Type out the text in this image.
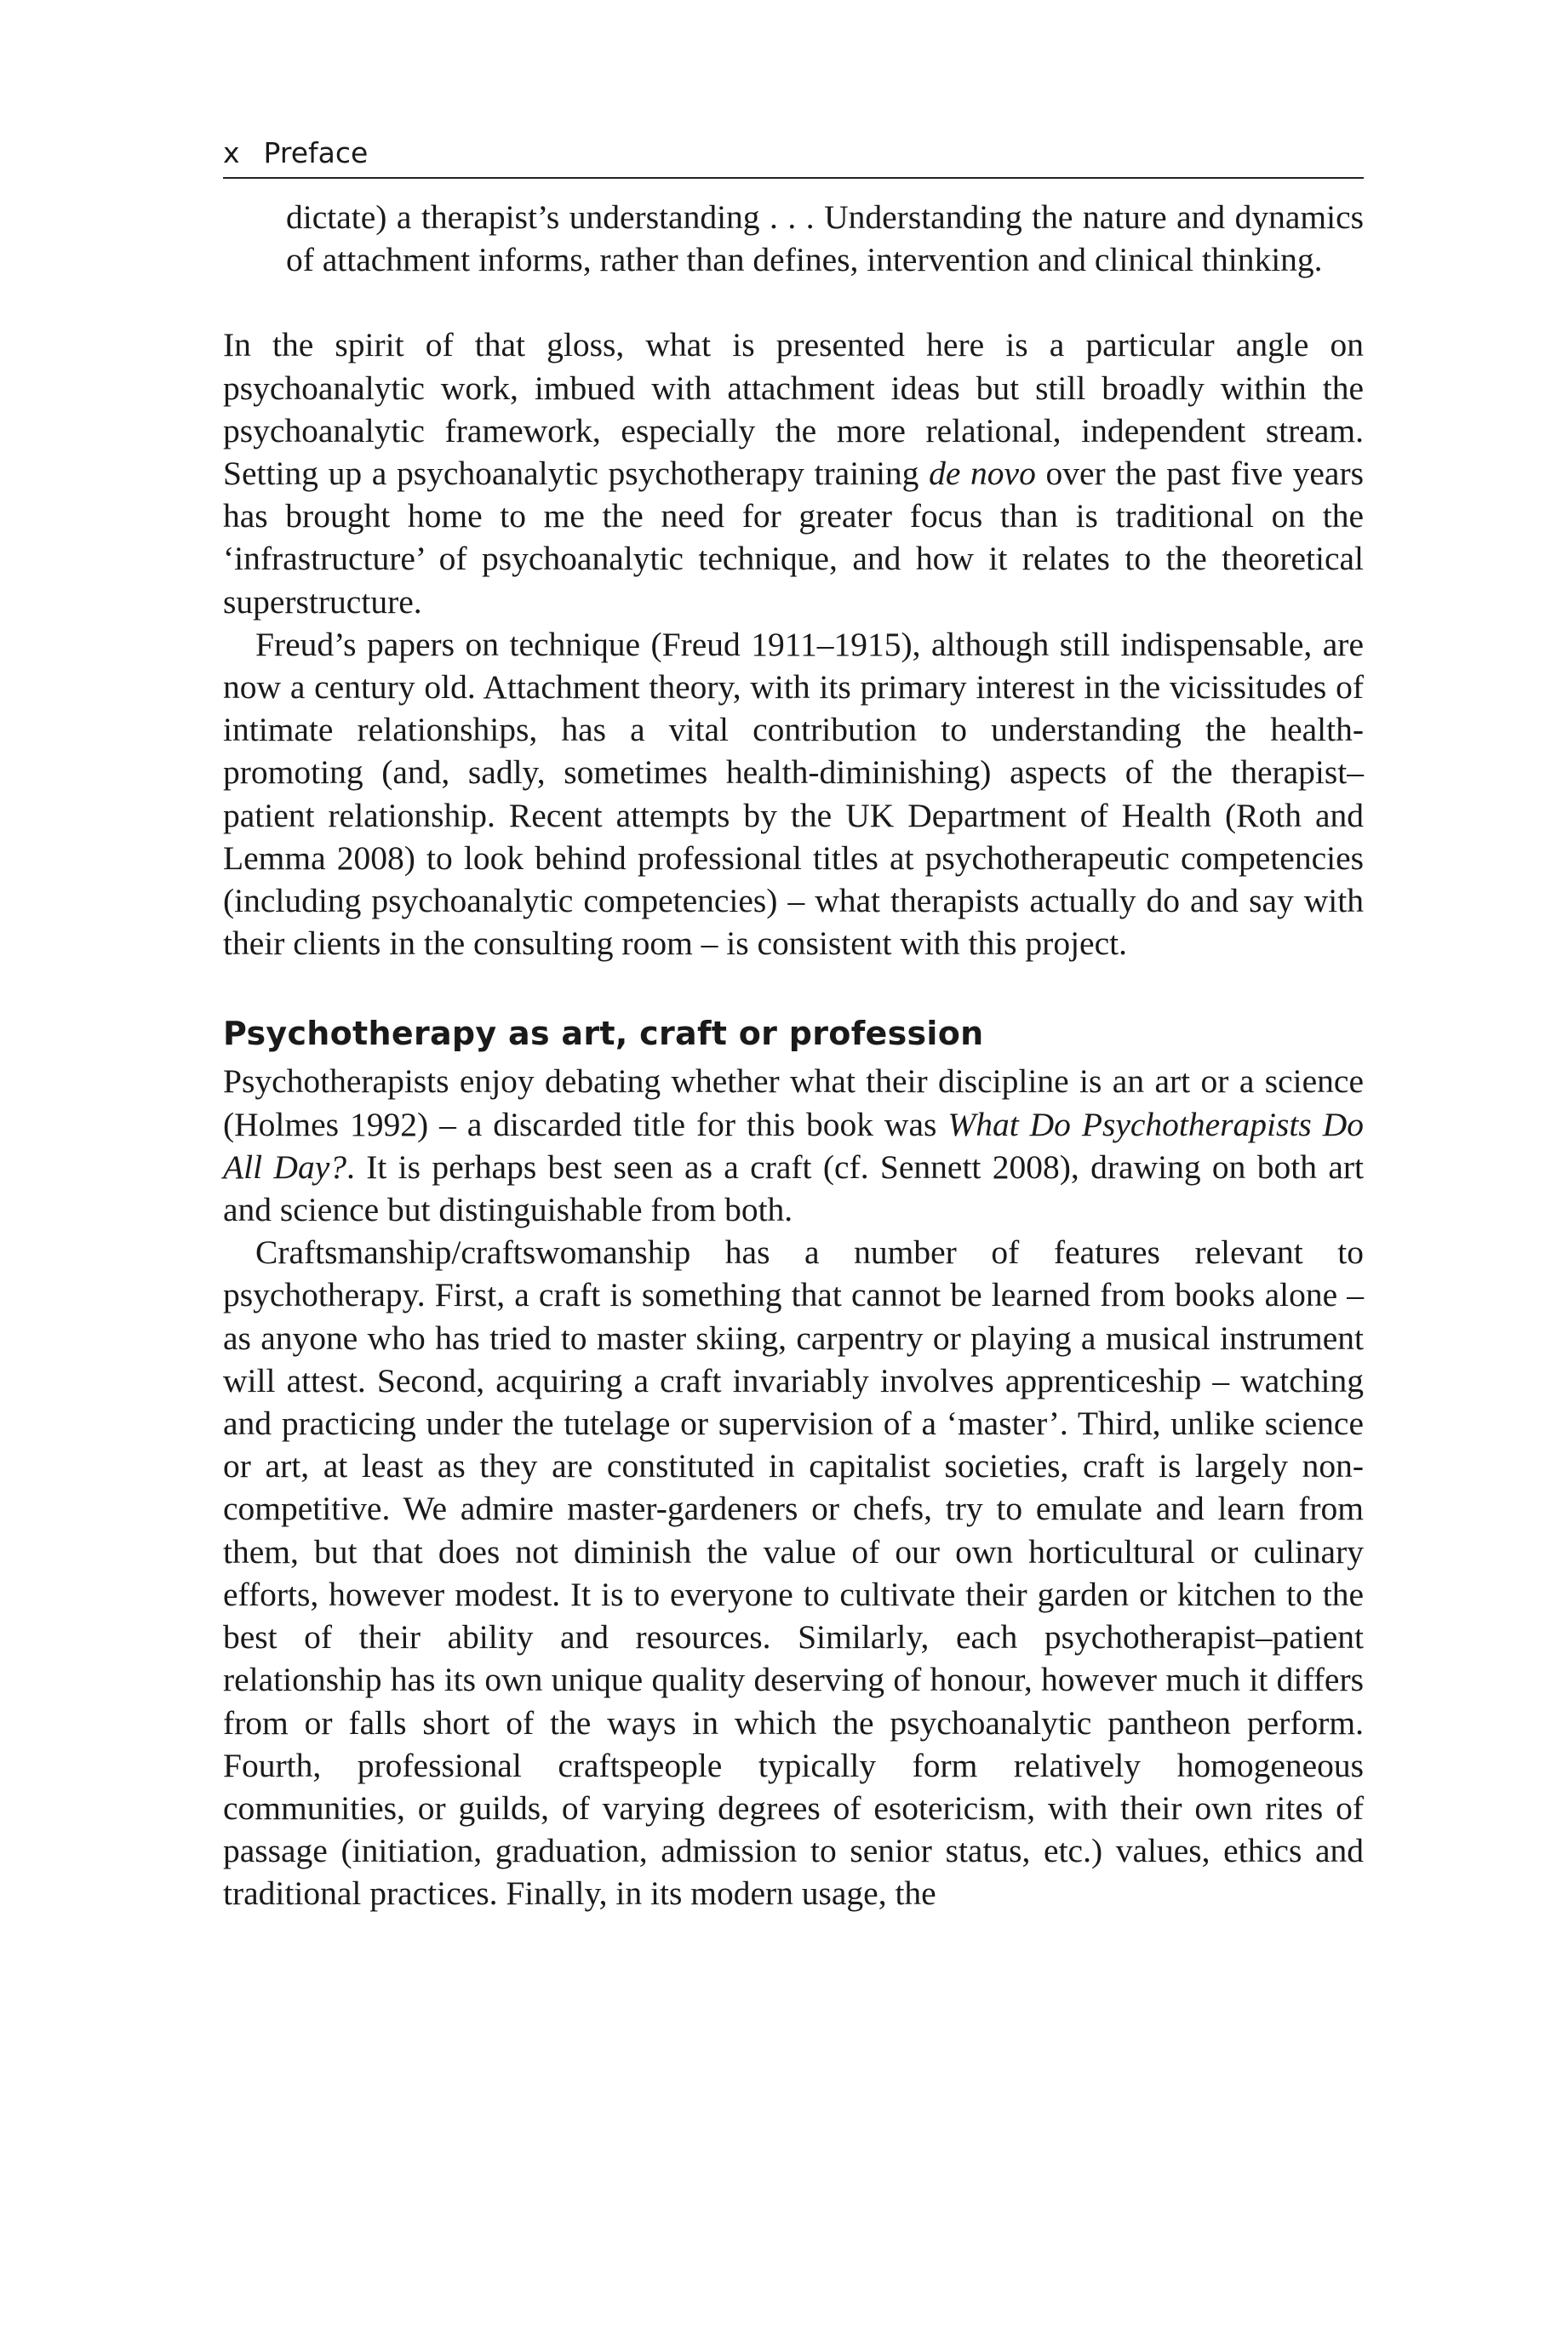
x Preface

dictate) a therapist’s understanding . . . Understanding the nature and dynamics of attachment informs, rather than defines, intervention and clinical thinking.

In the spirit of that gloss, what is presented here is a particular angle on psychoanalytic work, imbued with attachment ideas but still broadly within the psychoanalytic framework, especially the more relational, independent stream. Setting up a psychoanalytic psychotherapy training de novo over the past five years has brought home to me the need for greater focus than is traditional on the ‘infrastructure’ of psychoanalytic technique, and how it relates to the theoretical superstructure.

Freud’s papers on technique (Freud 1911–1915), although still indispensable, are now a century old. Attachment theory, with its primary interest in the vicissitudes of intimate relationships, has a vital contribution to understanding the health-promoting (and, sadly, sometimes health-diminishing) aspects of the therapist–patient relationship. Recent attempts by the UK Department of Health (Roth and Lemma 2008) to look behind professional titles at psychotherapeutic competencies (including psychoanalytic competencies) – what therapists actually do and say with their clients in the consulting room – is consistent with this project.

Psychotherapy as art, craft or profession

Psychotherapists enjoy debating whether what their discipline is an art or a science (Holmes 1992) – a discarded title for this book was What Do Psychotherapists Do All Day?. It is perhaps best seen as a craft (cf. Sennett 2008), drawing on both art and science but distinguishable from both.

Craftsmanship/craftswomanship has a number of features relevant to psychotherapy. First, a craft is something that cannot be learned from books alone – as anyone who has tried to master skiing, carpentry or playing a musical instrument will attest. Second, acquiring a craft invariably involves apprenticeship – watching and practicing under the tutelage or supervision of a ‘master’. Third, unlike science or art, at least as they are constituted in capitalist societies, craft is largely non-competitive. We admire master-gardeners or chefs, try to emulate and learn from them, but that does not diminish the value of our own horticultural or culinary efforts, however modest. It is to everyone to cultivate their garden or kitchen to the best of their ability and resources. Similarly, each psychotherapist–patient relationship has its own unique quality deserving of honour, however much it differs from or falls short of the ways in which the psychoanalytic pantheon perform. Fourth, professional craftspeople typically form relatively homogeneous communities, or guilds, of varying degrees of esotericism, with their own rites of passage (initiation, graduation, admission to senior status, etc.) values, ethics and traditional practices. Finally, in its modern usage, the
